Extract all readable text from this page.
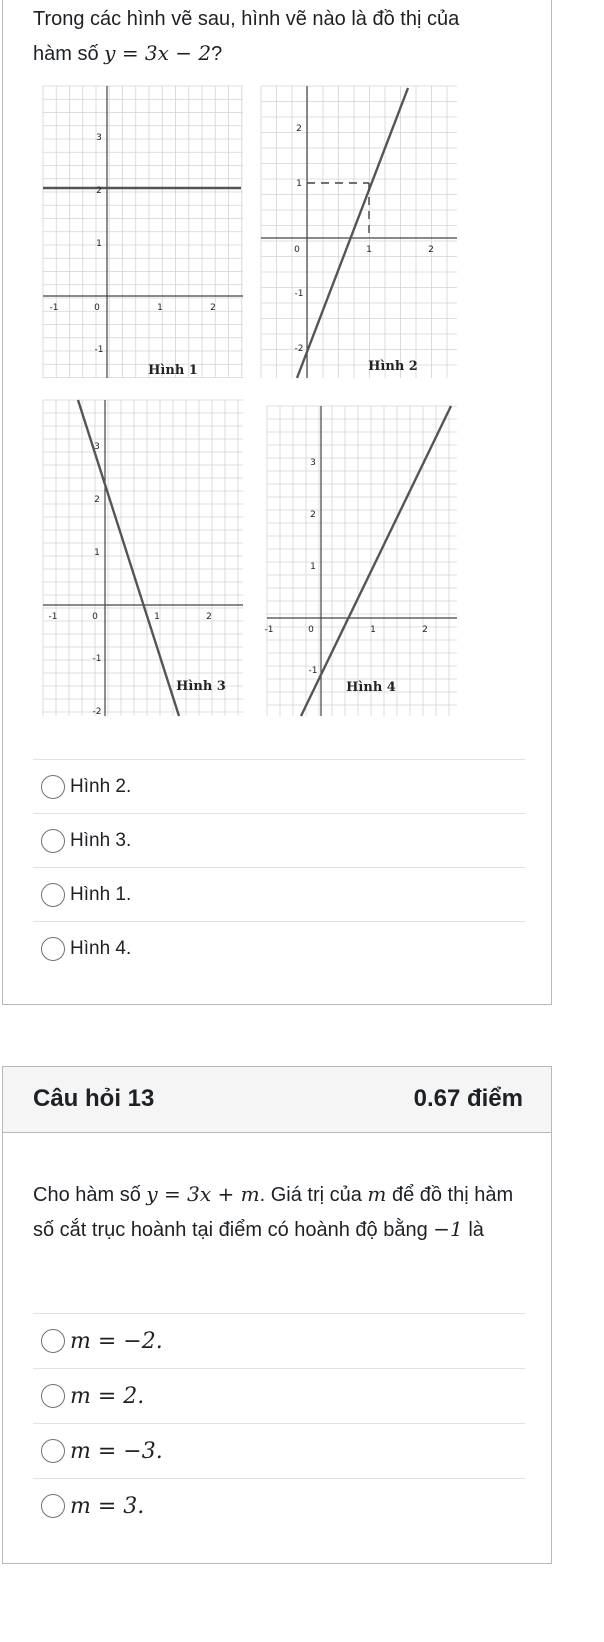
Trong các hình vẽ sau, hình vẽ nào là đồ thị của
hàm số y = 3x − 2?
-1	0	1	2
3
2
1
-1
Hình 1
0	1	2
2
1
-1
-2
Hình 2
-1	0	1	2
3
2
1
-1
-2
Hình 3
-1	0	1	2
3
2
1
-1
Hình 4
Hình 2.
Hình 3.
Hình 1.
Hình 4.
Câu hỏi 13	0.67 điểm
Cho hàm số y = 3x + m. Giá trị của m để đồ thị hàm số cắt trục hoành tại điểm có hoành độ bằng −1 là
m = −2.
m = 2.
m = −3.
m = 3.
